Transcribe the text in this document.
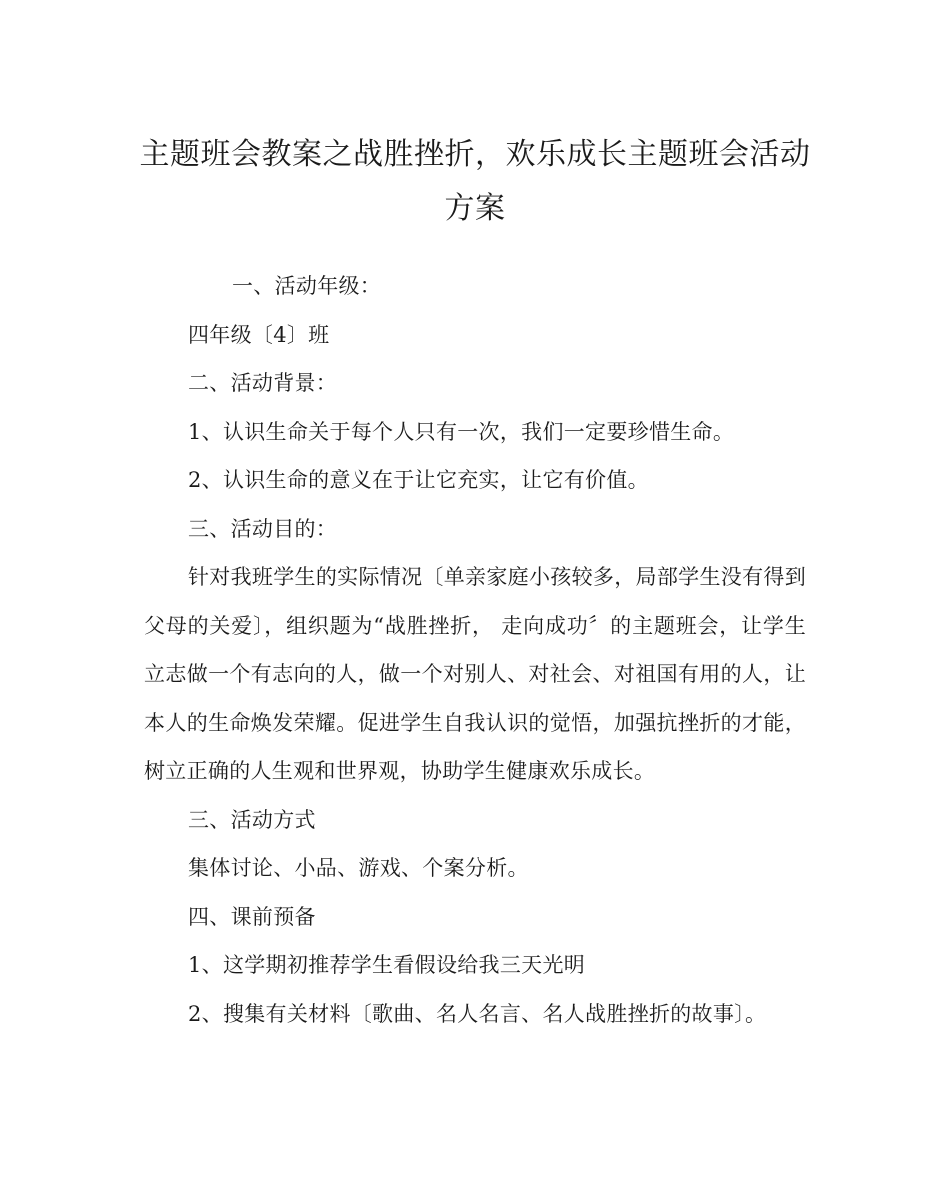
主题班会教案之战胜挫折，欢乐成长主题班会活动方案

一、活动年级：

四年级〔4〕班

二、活动背景：

1、认识生命关于每个人只有一次，我们一定要珍惜生命。

2、认识生命的意义在于让它充实，让它有价值。

三、活动目的：

针对我班学生的实际情况〔单亲家庭小孩较多，局部学生没有得到父母的关爱〕，组织题为“战胜挫折， 走向成功〞的主题班会，让学生立志做一个有志向的人，做一个对别人、对社会、对祖国有用的人，让本人的生命焕发荣耀。促进学生自我认识的觉悟，加强抗挫折的才能，树立正确的人生观和世界观，协助学生健康欢乐成长。

三、活动方式

集体讨论、小品、游戏、个案分析。

四、课前预备

1、这学期初推荐学生看假设给我三天光明

2、搜集有关材料〔歌曲、名人名言、名人战胜挫折的故事〕。
